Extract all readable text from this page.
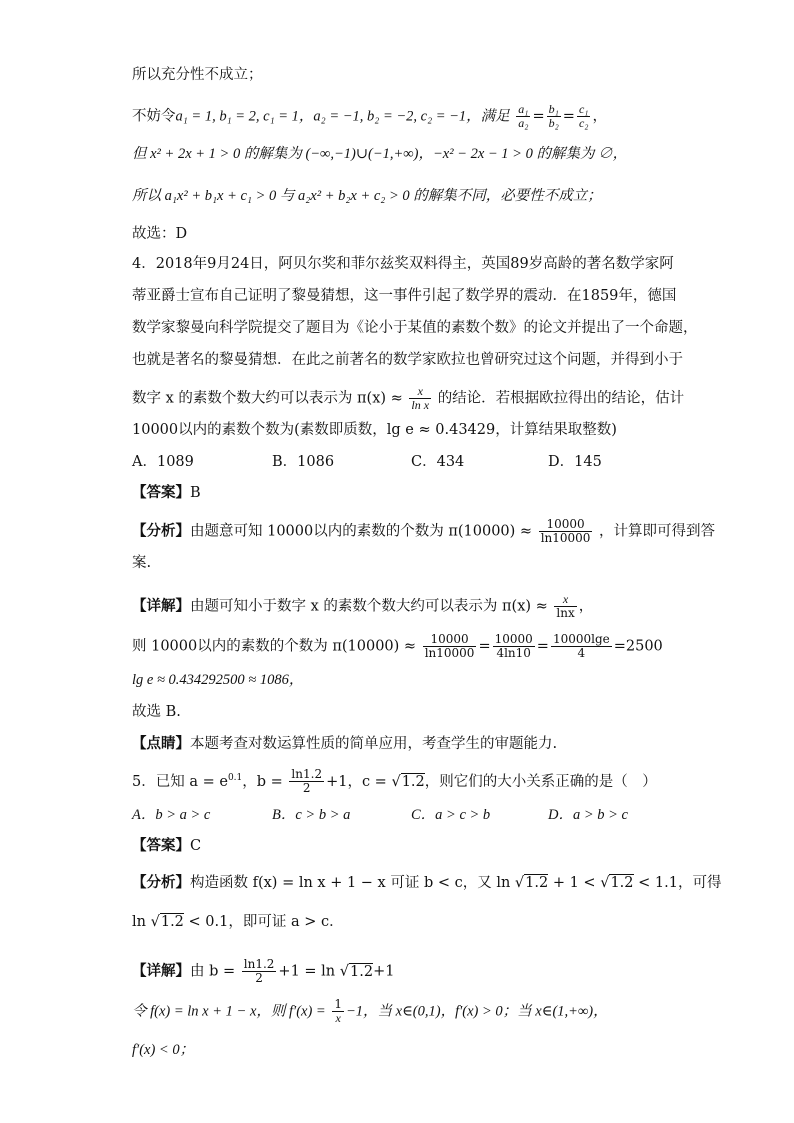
所以充分性不成立；
不妨令a₁ = 1, b₁ = 2, c₁ = 1，a₂ = −1, b₂ = −2, c₂ = −1，满足 $\frac{\text{a₁}}{\text{a₂}} = \frac{\text{b₁}}{\text{b₂}} = \frac{\text{c₁}}{\text{c₂}}$ ，
但 x² + 2x + 1 > 0 的解集为 (−∞,−1)∪(−1,+∞)，−x² − 2x − 1 > 0 的解集为 ∅，
所以 a₁x² + b₁x + c₁ > 0 与 a₂x² + b₂x + c₂ > 0 的解集不同，必要性不成立；
故选：D
4．2018年9月24日，阿贝尔奖和菲尔兹奖双料得主，英国89岁高龄的著名数学家阿
蒂亚爵士宣布自己证明了黎曼猜想，这一事件引起了数学界的震动．在1859年，德国
数学家黎曼向科学院提交了题目为《论小于某值的素数个数》的论文并提出了一个命题，
也就是著名的黎曼猜想．在此之前著名的数学家欧拉也曾研究过这个问题，并得到小于
数字 x 的素数个数大约可以表示为 $\pi(x) \approx \frac{x}{\text{ln x}}$ 的结论．若根据欧拉得出的结论，估计
10000以内的素数个数为(素数即质数，lg e ≈ 0.43429，计算结果取整数)
A．1089	B．1086	C．434	D．145
【答案】B
【分析】由题意可知 10000以内的素数的个数为 $\pi(10000) \approx \frac{10000}{\ln 10000}$ ，计算即可得到答
案.
【详解】由题可知小于数字 x 的素数个数大约可以表示为 $\pi(x) \approx \frac{x}{\ln x}$ ，
则 10000以内的素数的个数为 $\pi(10000) \approx \frac{10000}{\ln 10000} = \frac{10000}{4\ln 10} = \frac{10000\lg e}{4} =2500$
lg e ≈ 0.434292500 ≈ 1086，
故选 B.
【点睛】本题考查对数运算性质的简单应用，考查学生的审题能力.
5．已知 $a = e^{0.1}$，$b = \frac{\ln 1.2}{2} +1$，c = √1.2，则它们的大小关系正确的是（　）
A．b > a > c	B．c > b > a	C．a > c > b	D．a > b > c
【答案】C
【分析】构造函数 f(x) = ln x + 1 − x 可证 b < c，又 ln √1.2 + 1 < √1.2 < 1.1，可得
ln √1.2 < 0.1，即可证 a > c．
【详解】由 $b = \frac{\ln 1.2}{2} +1 = \ln √1.2+1$
令 f(x) = ln x + 1 − x，则 $f'(x) = \frac{1}{x} -1$，当 x∈(0,1)，f′(x) > 0；当 x∈(1,+∞)，
f′(x) < 0；
